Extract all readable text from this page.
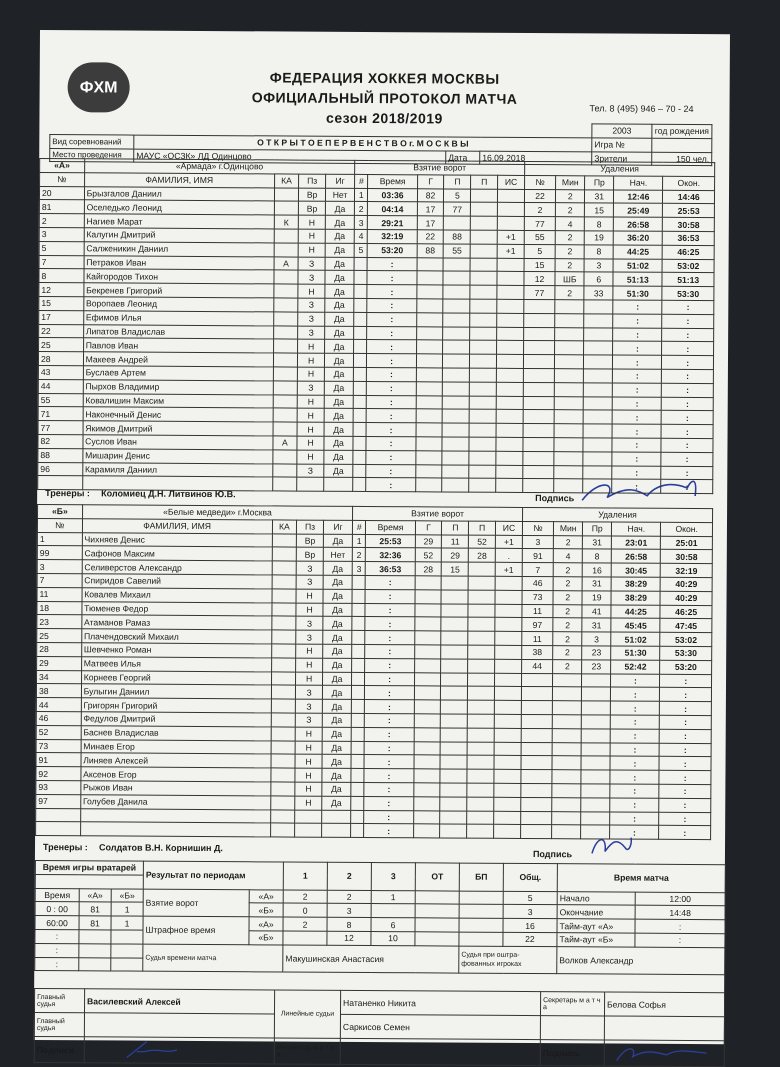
ФХМ
ФЕДЕРАЦИЯ ХОККЕЯ МОСКВЫ
ОФИЦИАЛЬНЫЙ ПРОТОКОЛ МАТЧА
сезон 2018/2019
Тел. 8 (495) 946 – 70 - 24
				2003	год рождения
Вид соревнований	О Т К Р Ы Т О Е П Е Р В Е Н С Т В О г. М О С К В Ы			Игра №	
Место проведения	МАУС «ОСЗК» ЛД Одинцово	Дата	16.09.2018	Зрители	150 чел.
Тренеры : Коломиец Д.Н. Литвинов Ю.В.	Подпись
Тренеры : Солдатов В.Н. Корнишин Д.
Подпись
Время игры вратарей			Результат по периодам		1	2	3	ОТ	БП	Общ.	Время матча	

Время	«А»	«Б»	Взятие ворот	«А»	2	2	1			5	Начало	12:00
0 : 00	81	1		«Б»	0	3				3	Окончание	14:48
60:00	81	1	Штрафное время	«А»	2	8	6			16	Тайм-аут «А»	:
:				«Б»		12	10			22	Тайм-аут «Б»	:
:			Судья времени матча		Макушинская Анастасия				Судья при оштра- фованных игроках		Волков Александр	
:												
Главный судья	Василевский Алексей	Линейные судьи	Натаненко Никита	Секретарь м а т ч а	Белова Софья
Главный судья			Саркисов Семен		
Подписи		Инспектор м а т ч а		Подпись	
«А»	«Армада» г.Одинцово				Взятие ворот						Удаления				
№	ФАМИЛИЯ, ИМЯ	КА	Пз	Иг	#	Время	Г	П	П	ИС	№	Мин	Пр	Нач.	Окон.
20	Брызгалов Даниил		Вр	Нет	1	03:36	82	5			22	2	31	12:46	14:46
81	Оселедько Леонид		Вр	Да	2	04:14	17	77			2	2	15	25:49	25:53
2	Нагиев Марат	К	Н	Да	3	29:21	17				77	4	8	26:58	30:58
3	Калугин Дмитрий		Н	Да	4	32:19	22	88		+1	55	2	19	36:20	36:53
5	Салженикин Даниил		Н	Да	5	53:20	88	55		+1	5	2	8	44:25	46:25
7	Петраков Иван	А	З	Да		:					15	2	3	51:02	53:02
8	Кайгородов Тихон		З	Да		:					12	ШБ	6	51:13	51:13
12	Бекренев Григорий		Н	Да		:					77	2	33	51:30	53:30
15	Воропаев Леонид		З	Да		:								:	:
17	Ефимов Илья		З	Да		:								:	:
22	Липатов Владислав		З	Да		:								:	:
25	Павлов Иван		Н	Да		:								:	:
28	Макеев Андрей		Н	Да		:								:	:
43	Буслаев Артем		Н	Да		:								:	:
44	Пырхов Владимир		З	Да		:								:	:
55	Ковалишин Максим		Н	Да		:								:	:
71	Наконечный Денис		Н	Да		:								:	:
77	Якимов Дмитрий		Н	Да		:								:	:
82	Суслов Иван	А	Н	Да		:								:	:
88	Мишарин Денис		Н	Да		:								:	:
96	Карамиля Даниил		З	Да		:								:	:
						:								:	:
«Б»	«Белые медведи» г.Москва				Взятие ворот						Удаления				
№	ФАМИЛИЯ, ИМЯ	КА	Пз	Иг	#	Время	Г	П	П	ИС	№	Мин	Пр	Нач.	Окон.
1	Чихняев Денис		Вр	Да	1	25:53	29	11	52	+1	3	2	31	23:01	25:01
99	Сафонов Максим		Вр	Нет	2	32:36	52	29	28	.	91	4	8	26:58	30:58
3	Селиверстов Александр		З	Да	3	36:53	28	15		+1	7	2	16	30:45	32:19
7	Спиридов Савелий		З	Да		:					46	2	31	38:29	40:29
11	Ковалев Михаил		Н	Да		:					73	2	19	38:29	40:29
18	Тюменев Федор		Н	Да		:					11	2	41	44:25	46:25
23	Атаманов Рамаз		З	Да		:					97	2	31	45:45	47:45
25	Плачендовский Михаил		З	Да		:					11	2	3	51:02	53:02
28	Шевченко Роман		Н	Да		:					38	2	23	51:30	53:30
29	Матвеев Илья		Н	Да		:					44	2	23	52:42	53:20
34	Корнеев Георгий		Н	Да		:								:	:
38	Булыгин Даниил		З	Да		:								:	:
44	Григорян Григорий		З	Да		:								:	:
46	Федулов Дмитрий		З	Да		:								:	:
52	Баснев Владислав		Н	Да		:								:	:
73	Минаев Егор		Н	Да		:								:	:
91	Линяев Алексей		Н	Да		:								:	:
92	Аксенов Егор		Н	Да		:								:	:
93	Рыжов Иван		Н	Да		:								:	:
97	Голубев Данила		Н	Да		:								:	:
						:								:	:
						:								:	:
